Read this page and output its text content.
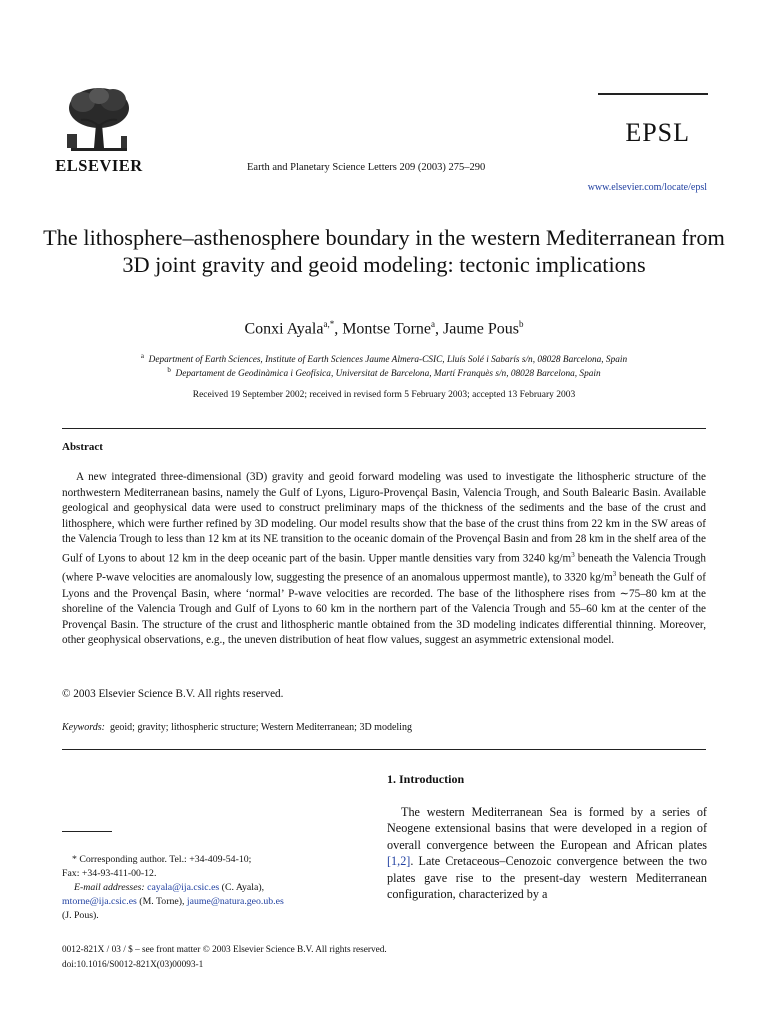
ELSEVIER
EPSL
Earth and Planetary Science Letters 209 (2003) 275–290
www.elsevier.com/locate/epsl
The lithosphere–asthenosphere boundary in the western Mediterranean from 3D joint gravity and geoid modeling: tectonic implications
Conxi Ayala$^{a,*}$, Montse Torne$^a$, Jaume Pous$^b$
$^a$ Department of Earth Sciences, Institute of Earth Sciences Jaume Almera-CSIC, Lluís Solé i Sabarís s/n, 08028 Barcelona, Spain
$^b$ Departament de Geodinàmica i Geofísica, Universitat de Barcelona, Martí Franquès s/n, 08028 Barcelona, Spain
Received 19 September 2002; received in revised form 5 February 2003; accepted 13 February 2003
Abstract

A new integrated three-dimensional (3D) gravity and geoid forward modeling was used to investigate the lithospheric structure of the northwestern Mediterranean basins, namely the Gulf of Lyons, Liguro-Provençal Basin, Valencia Trough, and South Balearic Basin. Available geological and geophysical data were used to construct preliminary maps of the thickness of the sediments and the base of the crust and lithosphere, which were further refined by 3D modeling. Our model results show that the base of the crust thins from 22 km in the SW areas of the Valencia Trough to less than 12 km at its NE transition to the oceanic domain of the Provençal Basin and from 28 km in the shelf area of the Gulf of Lyons to about 12 km in the deep oceanic part of the basin. Upper mantle densities vary from 3240 $kg/m^3$ beneath the Valencia Trough (where P-wave velocities are anomalously low, suggesting the presence of an anomalous uppermost mantle), to 3320 $kg/m^3$ beneath the Gulf of Lyons and the Provençal Basin, where ‘normal’ P-wave velocities are recorded. The base of the lithosphere rises from ∼75–80 km at the shoreline of the Valencia Trough and Gulf of Lyons to 60 km in the northern part of the Valencia Trough and 55–60 km at the center of the Provençal Basin. The structure of the crust and lithospheric mantle obtained from the 3D modeling indicates differential thinning. Moreover, other geophysical observations, e.g., the uneven distribution of heat flow values, suggest an asymmetric extensional model.

© 2003 Elsevier Science B.V. All rights reserved.
Keywords: geoid; gravity; lithospheric structure; Western Mediterranean; 3D modeling
1. Introduction

The western Mediterranean Sea is formed by a series of Neogene extensional basins that were developed in a region of overall convergence between the European and African plates [1,2]. Late Cretaceous–Cenozoic convergence between the two plates gave rise to the present-day western Mediterranean configuration, characterized by a

* Corresponding author. Tel.: +34-409-54-10;
Fax: +34-93-411-00-12.
E-mail addresses: cayala@ija.csic.es (C. Ayala),
mtorne@ija.csic.es (M. Torne), jaume@natura.geo.ub.es
(J. Pous).
0012-821X / 03 / $ – see front matter © 2003 Elsevier Science B.V. All rights reserved.
doi:10.1016/S0012-821X(03)00093-1
